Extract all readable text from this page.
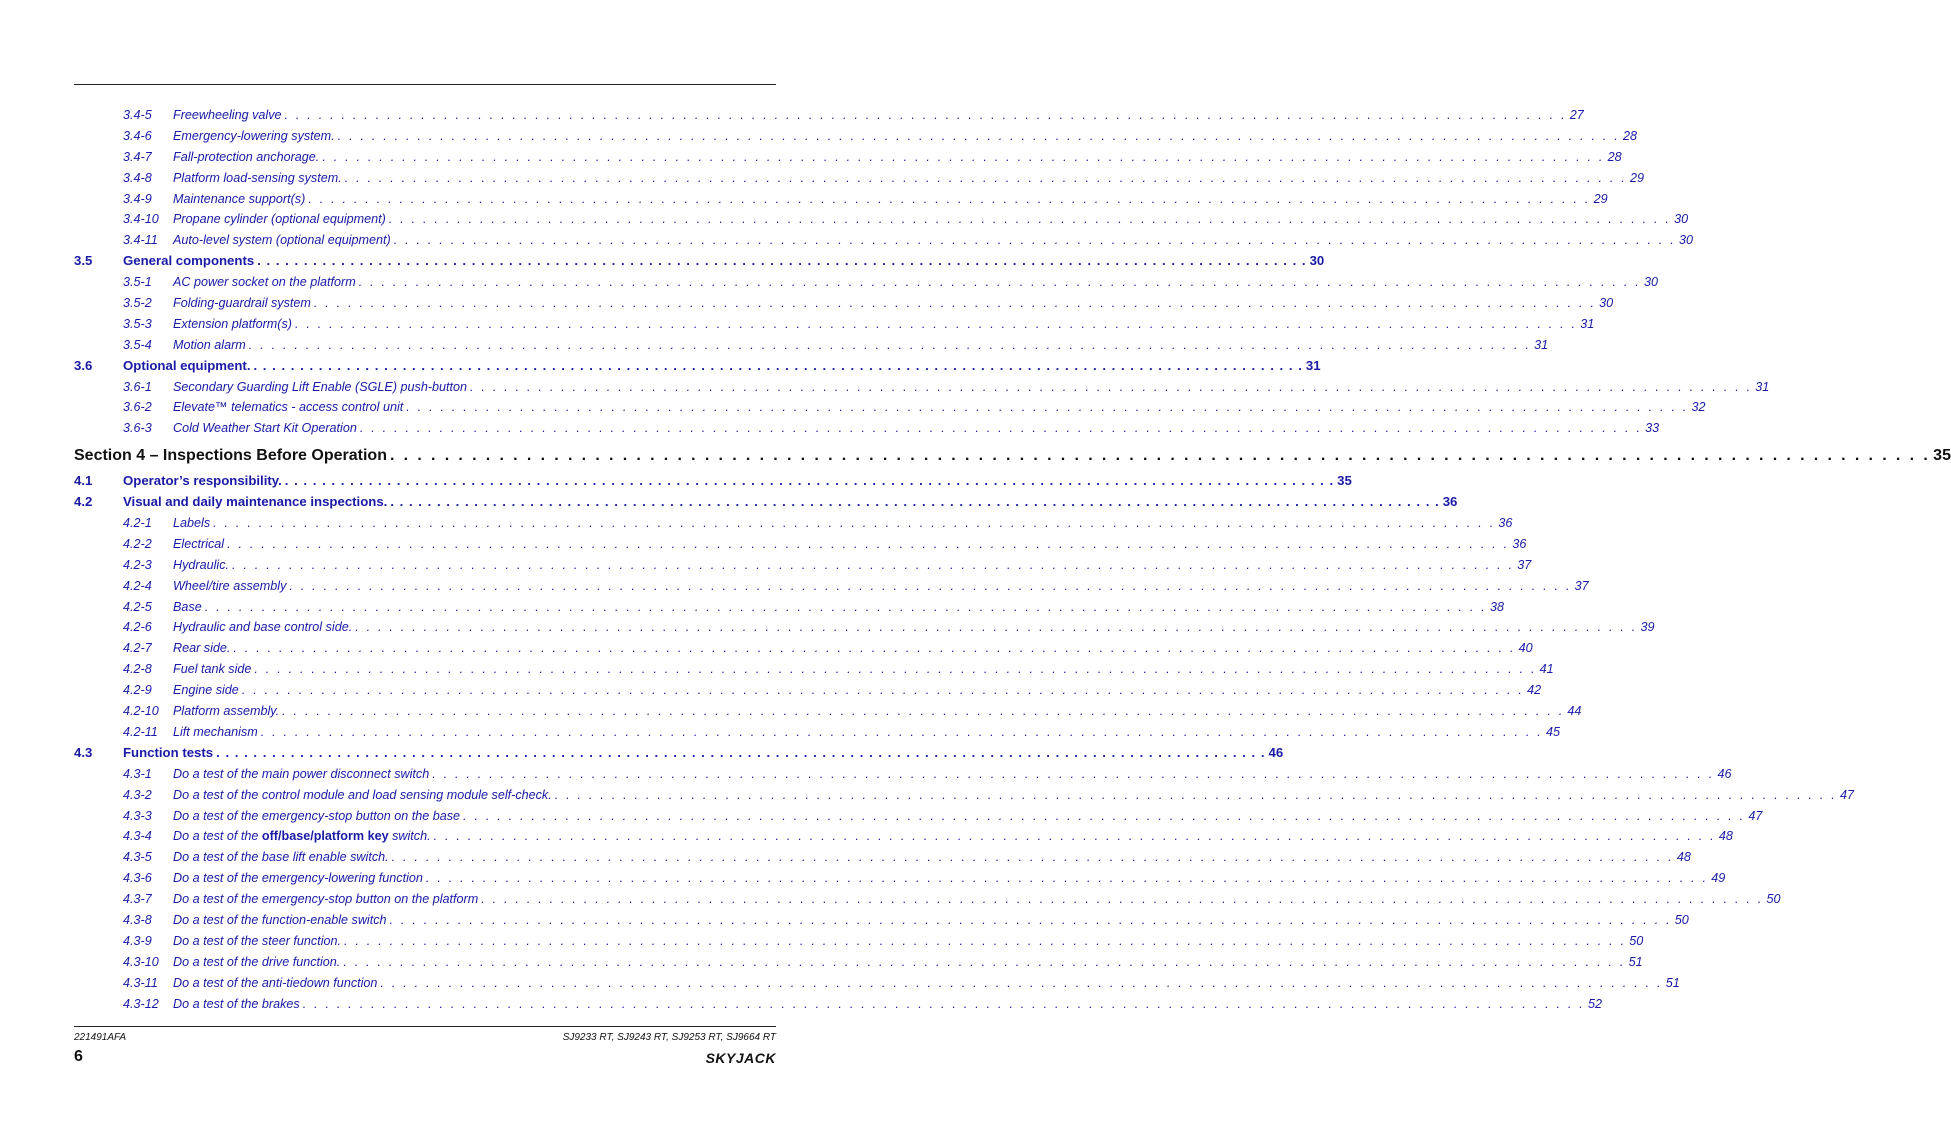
3.4-5	Freewheeling valve . . . . . . . . . . . . . . . . . . . . . . . . . . . . . . . . . . . . . . . . . . . . . . . . . . . . . . . . . . . . . . . . . . . . . . . . . . . . . . . . . . . . . . . . . . . . . . . . . . . . . . . . . . . . . . . . . 27
3.4-6	Emergency-lowering system. . . . . . . . . . . . . . . . . . . . . . . . . . . . . . . . . . . . . . . . . . . . . . . . . . . . . . . . . . . . . . . . . . . . . . . . . . . . . . . . . . . . . . . . . . . . . . . . . . . . . . . . . . . . . . . . . . 28
3.4-7	Fall-protection anchorage. . . . . . . . . . . . . . . . . . . . . . . . . . . . . . . . . . . . . . . . . . . . . . . . . . . . . . . . . . . . . . . . . . . . . . . . . . . . . . . . . . . . . . . . . . . . . . . . . . . . . . . . . . . . . . . . . . 28
3.4-8	Platform load-sensing system. . . . . . . . . . . . . . . . . . . . . . . . . . . . . . . . . . . . . . . . . . . . . . . . . . . . . . . . . . . . . . . . . . . . . . . . . . . . . . . . . . . . . . . . . . . . . . . . . . . . . . . . . . . . . . . . . . 29
3.4-9	Maintenance support(s) . . . . . . . . . . . . . . . . . . . . . . . . . . . . . . . . . . . . . . . . . . . . . . . . . . . . . . . . . . . . . . . . . . . . . . . . . . . . . . . . . . . . . . . . . . . . . . . . . . . . . . . . . . . . . . . . . 29
3.4-10	Propane cylinder (optional equipment) . . . . . . . . . . . . . . . . . . . . . . . . . . . . . . . . . . . . . . . . . . . . . . . . . . . . . . . . . . . . . . . . . . . . . . . . . . . . . . . . . . . . . . . . . . . . . . . . . . . . . . . . . . . . . . . . . 30
3.4-11	Auto-level system (optional equipment) . . . . . . . . . . . . . . . . . . . . . . . . . . . . . . . . . . . . . . . . . . . . . . . . . . . . . . . . . . . . . . . . . . . . . . . . . . . . . . . . . . . . . . . . . . . . . . . . . . . . . . . . . . . . . . . . . 30
3.5	General components . . . . . . . . . . . . . . . . . . . . . . . . . . . . . . . . . . . . . . . . . . . . . . . . . . . . . . . . . . . . . . . . . . . . . . . . . . . . . . . . . . . . . . . . . . . . . . . . . . . . . . . . . . . . . . . . . 30
3.5-1	AC power socket on the platform . . . . . . . . . . . . . . . . . . . . . . . . . . . . . . . . . . . . . . . . . . . . . . . . . . . . . . . . . . . . . . . . . . . . . . . . . . . . . . . . . . . . . . . . . . . . . . . . . . . . . . . . . . . . . . . . . 30
3.5-2	Folding-guardrail system . . . . . . . . . . . . . . . . . . . . . . . . . . . . . . . . . . . . . . . . . . . . . . . . . . . . . . . . . . . . . . . . . . . . . . . . . . . . . . . . . . . . . . . . . . . . . . . . . . . . . . . . . . . . . . . . . 30
3.5-3	Extension platform(s) . . . . . . . . . . . . . . . . . . . . . . . . . . . . . . . . . . . . . . . . . . . . . . . . . . . . . . . . . . . . . . . . . . . . . . . . . . . . . . . . . . . . . . . . . . . . . . . . . . . . . . . . . . . . . . . . . 31
3.5-4	Motion alarm . . . . . . . . . . . . . . . . . . . . . . . . . . . . . . . . . . . . . . . . . . . . . . . . . . . . . . . . . . . . . . . . . . . . . . . . . . . . . . . . . . . . . . . . . . . . . . . . . . . . . . . . . . . . . . . . . 31
3.6	Optional equipment. . . . . . . . . . . . . . . . . . . . . . . . . . . . . . . . . . . . . . . . . . . . . . . . . . . . . . . . . . . . . . . . . . . . . . . . . . . . . . . . . . . . . . . . . . . . . . . . . . . . . . . . . . . . . . . . . . 31
3.6-1	Secondary Guarding Lift Enable (SGLE) push-button . . . . . . . . . . . . . . . . . . . . . . . . . . . . . . . . . . . . . . . . . . . . . . . . . . . . . . . . . . . . . . . . . . . . . . . . . . . . . . . . . . . . . . . . . . . . . . . . . . . . . . . . . . . . . . . . . 31
3.6-2	Elevate™ telematics - access control unit . . . . . . . . . . . . . . . . . . . . . . . . . . . . . . . . . . . . . . . . . . . . . . . . . . . . . . . . . . . . . . . . . . . . . . . . . . . . . . . . . . . . . . . . . . . . . . . . . . . . . . . . . . . . . . . . . 32
3.6-3	Cold Weather Start Kit Operation . . . . . . . . . . . . . . . . . . . . . . . . . . . . . . . . . . . . . . . . . . . . . . . . . . . . . . . . . . . . . . . . . . . . . . . . . . . . . . . . . . . . . . . . . . . . . . . . . . . . . . . . . . . . . . . . . 33
Section 4 – Inspections Before Operation . . . . . . . . . . . . . . . . . . . . . . . . . . . . . . . . . . . . . . . . . . . . . . . . . . . . . . . . . . . . . . . . . . . . . . . . . . . . . . . . . . . . . . . . . . . . . . . . . . . . . . . . . . . . . . . . . 35
4.1	Operator’s responsibility. . . . . . . . . . . . . . . . . . . . . . . . . . . . . . . . . . . . . . . . . . . . . . . . . . . . . . . . . . . . . . . . . . . . . . . . . . . . . . . . . . . . . . . . . . . . . . . . . . . . . . . . . . . . . . . . . . 35
4.2	Visual and daily maintenance inspections. . . . . . . . . . . . . . . . . . . . . . . . . . . . . . . . . . . . . . . . . . . . . . . . . . . . . . . . . . . . . . . . . . . . . . . . . . . . . . . . . . . . . . . . . . . . . . . . . . . . . . . . . . . . . . . . . . 36
4.2-1	Labels . . . . . . . . . . . . . . . . . . . . . . . . . . . . . . . . . . . . . . . . . . . . . . . . . . . . . . . . . . . . . . . . . . . . . . . . . . . . . . . . . . . . . . . . . . . . . . . . . . . . . . . . . . . . . . . . . 36
4.2-2	Electrical . . . . . . . . . . . . . . . . . . . . . . . . . . . . . . . . . . . . . . . . . . . . . . . . . . . . . . . . . . . . . . . . . . . . . . . . . . . . . . . . . . . . . . . . . . . . . . . . . . . . . . . . . . . . . . . . . 36
4.2-3	Hydraulic. . . . . . . . . . . . . . . . . . . . . . . . . . . . . . . . . . . . . . . . . . . . . . . . . . . . . . . . . . . . . . . . . . . . . . . . . . . . . . . . . . . . . . . . . . . . . . . . . . . . . . . . . . . . . . . . . . 37
4.2-4	Wheel/tire assembly . . . . . . . . . . . . . . . . . . . . . . . . . . . . . . . . . . . . . . . . . . . . . . . . . . . . . . . . . . . . . . . . . . . . . . . . . . . . . . . . . . . . . . . . . . . . . . . . . . . . . . . . . . . . . . . . . 37
4.2-5	Base . . . . . . . . . . . . . . . . . . . . . . . . . . . . . . . . . . . . . . . . . . . . . . . . . . . . . . . . . . . . . . . . . . . . . . . . . . . . . . . . . . . . . . . . . . . . . . . . . . . . . . . . . . . . . . . . . 38
4.2-6	Hydraulic and base control side. . . . . . . . . . . . . . . . . . . . . . . . . . . . . . . . . . . . . . . . . . . . . . . . . . . . . . . . . . . . . . . . . . . . . . . . . . . . . . . . . . . . . . . . . . . . . . . . . . . . . . . . . . . . . . . . . . 39
4.2-7	Rear side. . . . . . . . . . . . . . . . . . . . . . . . . . . . . . . . . . . . . . . . . . . . . . . . . . . . . . . . . . . . . . . . . . . . . . . . . . . . . . . . . . . . . . . . . . . . . . . . . . . . . . . . . . . . . . . . . . 40
4.2-8	Fuel tank side . . . . . . . . . . . . . . . . . . . . . . . . . . . . . . . . . . . . . . . . . . . . . . . . . . . . . . . . . . . . . . . . . . . . . . . . . . . . . . . . . . . . . . . . . . . . . . . . . . . . . . . . . . . . . . . . . 41
4.2-9	Engine side . . . . . . . . . . . . . . . . . . . . . . . . . . . . . . . . . . . . . . . . . . . . . . . . . . . . . . . . . . . . . . . . . . . . . . . . . . . . . . . . . . . . . . . . . . . . . . . . . . . . . . . . . . . . . . . . . 42
4.2-10	Platform assembly. . . . . . . . . . . . . . . . . . . . . . . . . . . . . . . . . . . . . . . . . . . . . . . . . . . . . . . . . . . . . . . . . . . . . . . . . . . . . . . . . . . . . . . . . . . . . . . . . . . . . . . . . . . . . . . . . . 44
4.2-11	Lift mechanism . . . . . . . . . . . . . . . . . . . . . . . . . . . . . . . . . . . . . . . . . . . . . . . . . . . . . . . . . . . . . . . . . . . . . . . . . . . . . . . . . . . . . . . . . . . . . . . . . . . . . . . . . . . . . . . . . 45
4.3	Function tests . . . . . . . . . . . . . . . . . . . . . . . . . . . . . . . . . . . . . . . . . . . . . . . . . . . . . . . . . . . . . . . . . . . . . . . . . . . . . . . . . . . . . . . . . . . . . . . . . . . . . . . . . . . . . . . . . 46
4.3-1	Do a test of the main power disconnect switch . . . . . . . . . . . . . . . . . . . . . . . . . . . . . . . . . . . . . . . . . . . . . . . . . . . . . . . . . . . . . . . . . . . . . . . . . . . . . . . . . . . . . . . . . . . . . . . . . . . . . . . . . . . . . . . . . 46
4.3-2	Do a test of the control module and load sensing module self-check. . . . . . . . . . . . . . . . . . . . . . . . . . . . . . . . . . . . . . . . . . . . . . . . . . . . . . . . . . . . . . . . . . . . . . . . . . . . . . . . . . . . . . . . . . . . . . . . . . . . . . . . . . . . . . . . . . 47
4.3-3	Do a test of the emergency-stop button on the base . . . . . . . . . . . . . . . . . . . . . . . . . . . . . . . . . . . . . . . . . . . . . . . . . . . . . . . . . . . . . . . . . . . . . . . . . . . . . . . . . . . . . . . . . . . . . . . . . . . . . . . . . . . . . . . . . 47
4.3-4	Do a test of the off/base/platform key switch. . . . . . . . . . . . . . . . . . . . . . . . . . . . . . . . . . . . . . . . . . . . . . . . . . . . . . . . . . . . . . . . . . . . . . . . . . . . . . . . . . . . . . . . . . . . . . . . . . . . . . . . . . . . . . . . . . 48
4.3-5	Do a test of the base lift enable switch. . . . . . . . . . . . . . . . . . . . . . . . . . . . . . . . . . . . . . . . . . . . . . . . . . . . . . . . . . . . . . . . . . . . . . . . . . . . . . . . . . . . . . . . . . . . . . . . . . . . . . . . . . . . . . . . . . 48
4.3-6	Do a test of the emergency-lowering function . . . . . . . . . . . . . . . . . . . . . . . . . . . . . . . . . . . . . . . . . . . . . . . . . . . . . . . . . . . . . . . . . . . . . . . . . . . . . . . . . . . . . . . . . . . . . . . . . . . . . . . . . . . . . . . . . 49
4.3-7	Do a test of the emergency-stop button on the platform . . . . . . . . . . . . . . . . . . . . . . . . . . . . . . . . . . . . . . . . . . . . . . . . . . . . . . . . . . . . . . . . . . . . . . . . . . . . . . . . . . . . . . . . . . . . . . . . . . . . . . . . . . . . . . . . . 50
4.3-8	Do a test of the function-enable switch . . . . . . . . . . . . . . . . . . . . . . . . . . . . . . . . . . . . . . . . . . . . . . . . . . . . . . . . . . . . . . . . . . . . . . . . . . . . . . . . . . . . . . . . . . . . . . . . . . . . . . . . . . . . . . . . . 50
4.3-9	Do a test of the steer function. . . . . . . . . . . . . . . . . . . . . . . . . . . . . . . . . . . . . . . . . . . . . . . . . . . . . . . . . . . . . . . . . . . . . . . . . . . . . . . . . . . . . . . . . . . . . . . . . . . . . . . . . . . . . . . . . . 50
4.3-10	Do a test of the drive function. . . . . . . . . . . . . . . . . . . . . . . . . . . . . . . . . . . . . . . . . . . . . . . . . . . . . . . . . . . . . . . . . . . . . . . . . . . . . . . . . . . . . . . . . . . . . . . . . . . . . . . . . . . . . . . . . . 51
4.3-11	Do a test of the anti-tiedown function . . . . . . . . . . . . . . . . . . . . . . . . . . . . . . . . . . . . . . . . . . . . . . . . . . . . . . . . . . . . . . . . . . . . . . . . . . . . . . . . . . . . . . . . . . . . . . . . . . . . . . . . . . . . . . . . . 51
4.3-12	Do a test of the brakes . . . . . . . . . . . . . . . . . . . . . . . . . . . . . . . . . . . . . . . . . . . . . . . . . . . . . . . . . . . . . . . . . . . . . . . . . . . . . . . . . . . . . . . . . . . . . . . . . . . . . . . . . . . . . . . . . 52
221491AFA	SJ9233 RT, SJ9243 RT, SJ9253 RT, SJ9664 RT
6	SKYJACK
